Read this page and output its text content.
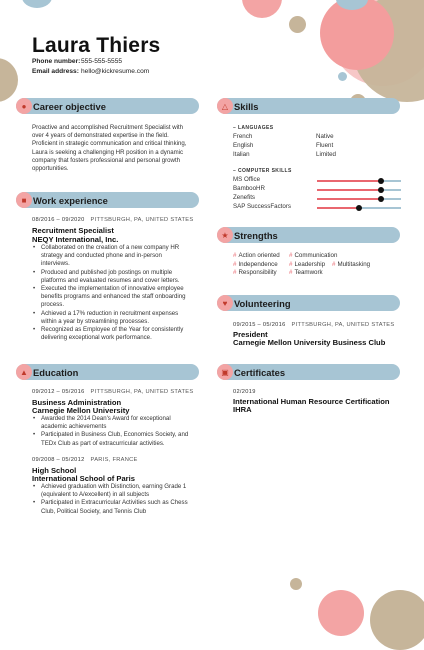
Laura Thiers
Phone number:555-555-5555
Email address: hello@kickresume.com
● Career objective
Proactive and accomplished Recruitment Specialist with
over 4 years of demonstrated expertise in the field.
Proficient in strategic communication and critical thinking,
Laura is seeking a challenging HR position in a dynamic
company that fosters professional and personal growth
opportunities.
■ Work experience
08/2016 – 09/2020 PITTSBURGH, PA, UNITED STATES
Recruitment Specialist
NEQY International, Inc.
• Collaborated on the creation of a new company HR
strategy and conducted phone and in-person
interviews.
• Produced and published job postings on multiple
platforms and evaluated resumes and cover letters.
• Executed the implementation of innovative employee
benefits programs and enhanced the staff onboarding
process.
• Achieved a 17% reduction in recruitment expenses
within a year by streamlining processes.
• Recognized as Employee of the Year for consistently
delivering exceptional work performance.
▲ Education
09/2012 – 05/2016 PITTSBURGH, PA, UNITED STATES
Business Administration
Carnegie Mellon University
• Awarded the 2014 Dean's Award for exceptional
academic achievements
• Participated in Business Club, Economics Society, and
TEDx Club as part of extracurricular activities.
09/2008 – 05/2012 PARIS, FRANCE
High School
International School of Paris
• Achieved graduation with Distinction, earning Grade 1
(equivalent to A/excellent) in all subjects
• Participated in Extracurricular Activities such as Chess
Club, Political Society, and Tennis Club
△ Skills
– LANGUAGES
French	Native
English	Fluent
Italian	Limited
– COMPUTER SKILLS
MS Office
BambooHR
Zenefits
SAP SuccessFactors
★ Strengths
# Action oriented	# Communication
# Independence	# Leadership	# Multitasking
# Responsibility	# Teamwork
♥ Volunteering
09/2015 – 05/2016 PITTSBURGH, PA, UNITED STATES
President
Carnegie Mellon University Business Club
▣ Certificates
02/2019
International Human Resource Certification
IHRA
